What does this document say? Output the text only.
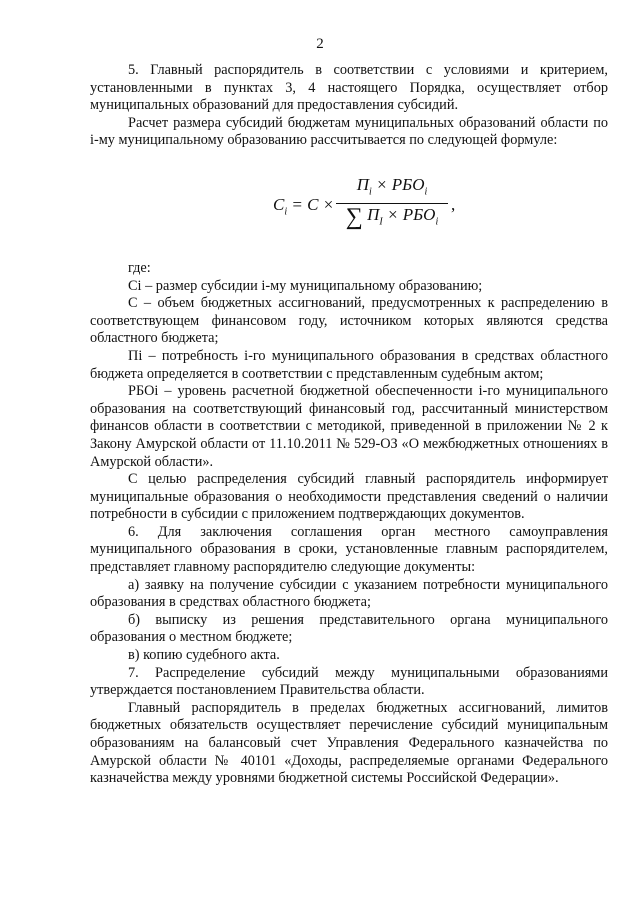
2

5. Главный распорядитель в соответствии с условиями и критерием, установленными в пунктах 3, 4 настоящего Порядка, осуществляет отбор муниципальных образований для предоставления субсидий.

Расчет размера субсидий бюджетам муниципальных образований области по i-му муниципальному образованию рассчитывается по следующей формуле:

$C_i = C$ ×
$П_i \times РБО_i$
∑ $П_I \times РБО_i$
,

где:

Ci – размер субсидии i-му муниципальному образованию;

С – объем бюджетных ассигнований, предусмотренных к распределению в соответствующем финансовом году, источником которых являются средства областного бюджета;

Пi – потребность i-го муниципального образования в средствах областного бюджета определяется в соответствии с представленным судебным актом;

РБОi – уровень расчетной бюджетной обеспеченности i-го муниципального образования на соответствующий финансовый год, рассчитанный министерством финансов области в соответствии с методикой, приведенной в приложении № 2 к Закону Амурской области от 11.10.2011 № 529-ОЗ «О межбюджетных отношениях в Амурской области».

С целью распределения субсидий главный распорядитель информирует муниципальные образования о необходимости представления сведений о наличии потребности в субсидии с приложением подтверждающих документов.

6. Для заключения соглашения орган местного самоуправления муниципального образования в сроки, установленные главным распорядителем, представляет главному распорядителю следующие документы:

а) заявку на получение субсидии с указанием потребности муниципального образования в средствах областного бюджета;

б) выписку из решения представительного органа муниципального образования о местном бюджете;

в) копию судебного акта.

7. Распределение субсидий между муниципальными образованиями утверждается постановлением Правительства области.

Главный распорядитель в пределах бюджетных ассигнований, лимитов бюджетных обязательств осуществляет перечисление субсидий муниципальным образованиям на балансовый счет Управления Федерального казначейства по Амурской области № 40101 «Доходы, распределяемые органами Федерального казначейства между уровнями бюджетной системы Российской Федерации».
